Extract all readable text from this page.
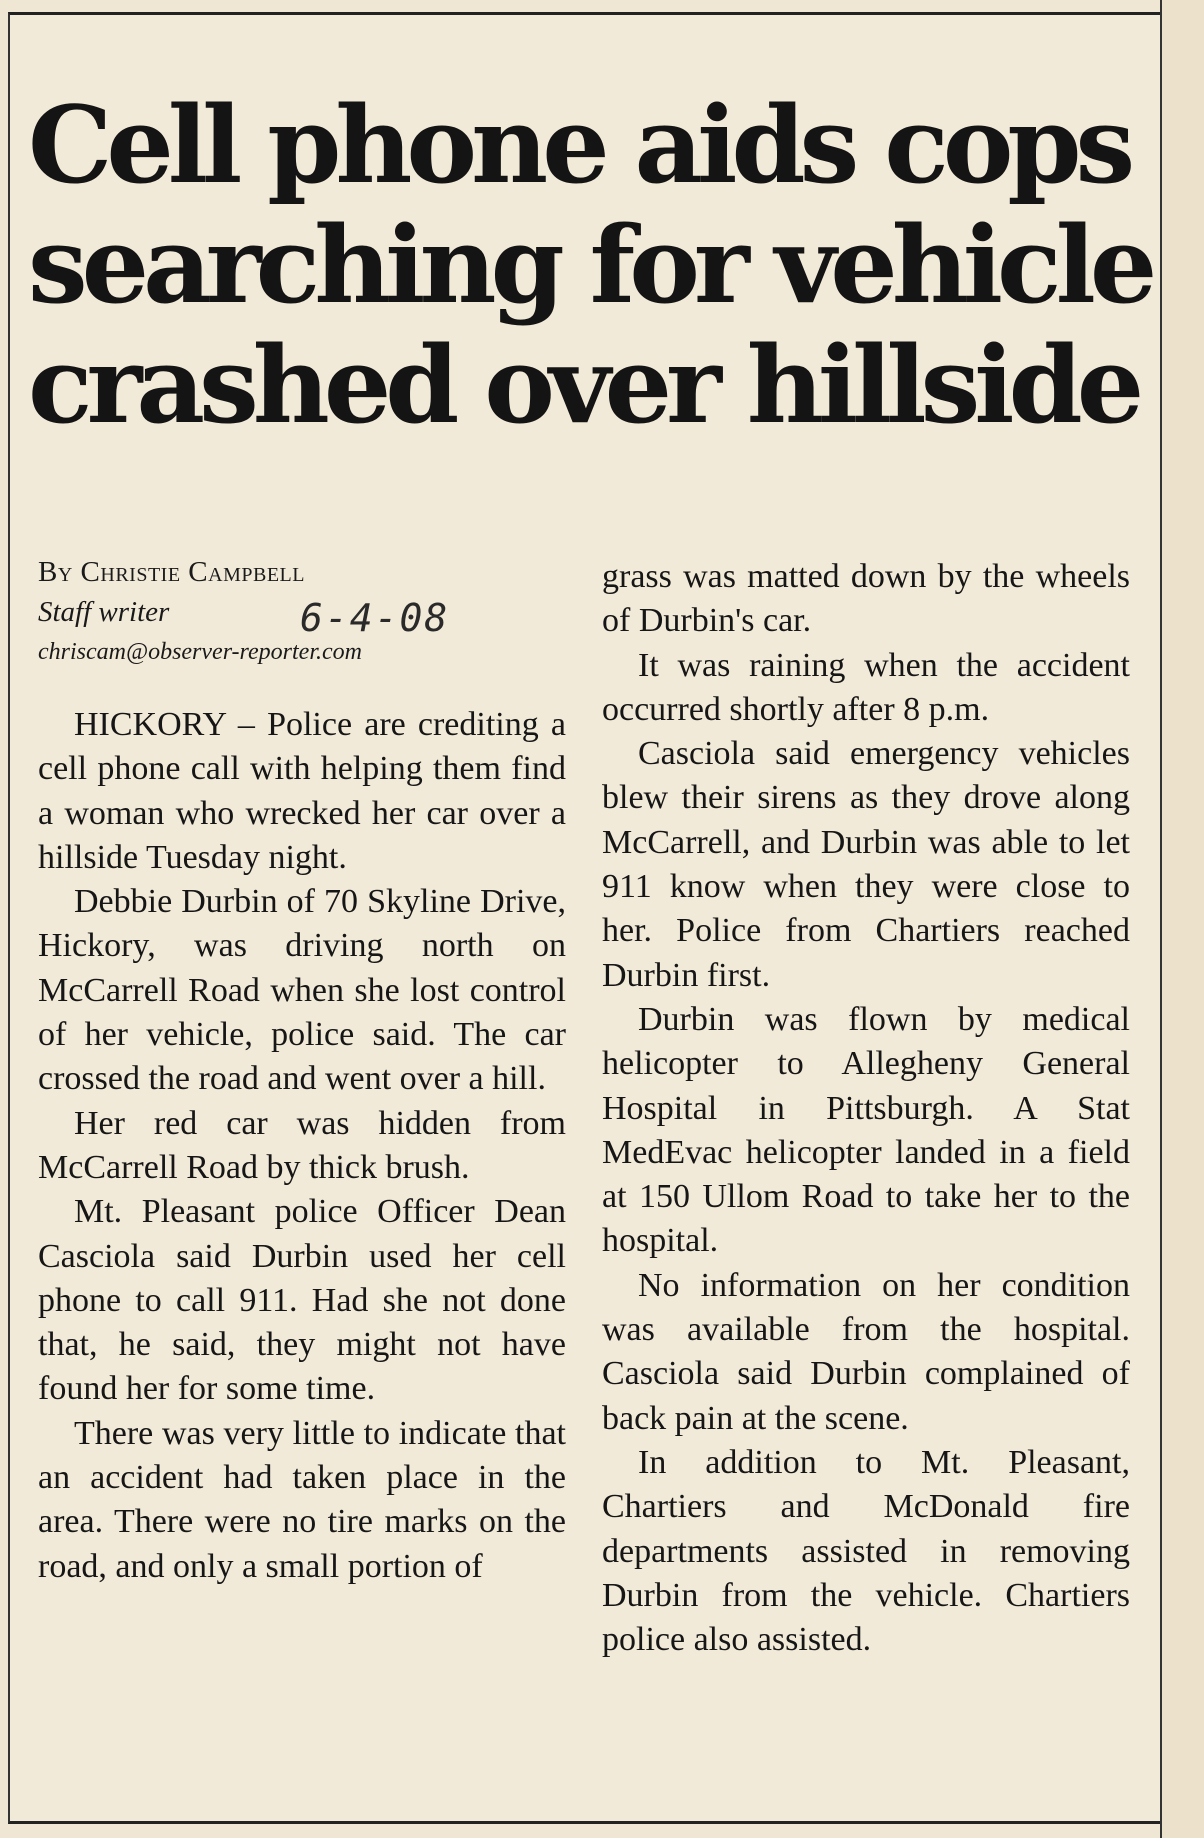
Cell phone aids cops
searching for vehicle
crashed over hillside
By Christie Campbell
Staff writer	6-4-08
chriscam@observer-reporter.com

HICKORY – Police are crediting a cell phone call with helping them find a woman who wrecked her car over a hillside Tuesday night.

Debbie Durbin of 70 Skyline Drive, Hickory, was driving north on McCarrell Road when she lost control of her vehicle, police said. The car crossed the road and went over a hill.

Her red car was hidden from McCarrell Road by thick brush.

Mt. Pleasant police Officer Dean Casciola said Durbin used her cell phone to call 911. Had she not done that, he said, they might not have found her for some time.

There was very little to indicate that an accident had taken place in the area. There were no tire marks on the road, and only a small portion of

grass was matted down by the wheels of Durbin's car.

It was raining when the accident occurred shortly after 8 p.m.

Casciola said emergency vehicles blew their sirens as they drove along McCarrell, and Durbin was able to let 911 know when they were close to her. Police from Chartiers reached Durbin first.

Durbin was flown by medical helicopter to Allegheny General Hospital in Pittsburgh. A Stat MedEvac helicopter landed in a field at 150 Ullom Road to take her to the hospital.

No information on her condition was available from the hospital. Casciola said Durbin complained of back pain at the scene.

In addition to Mt. Pleasant, Chartiers and McDonald fire departments assisted in removing Durbin from the vehicle. Chartiers police also assisted.
